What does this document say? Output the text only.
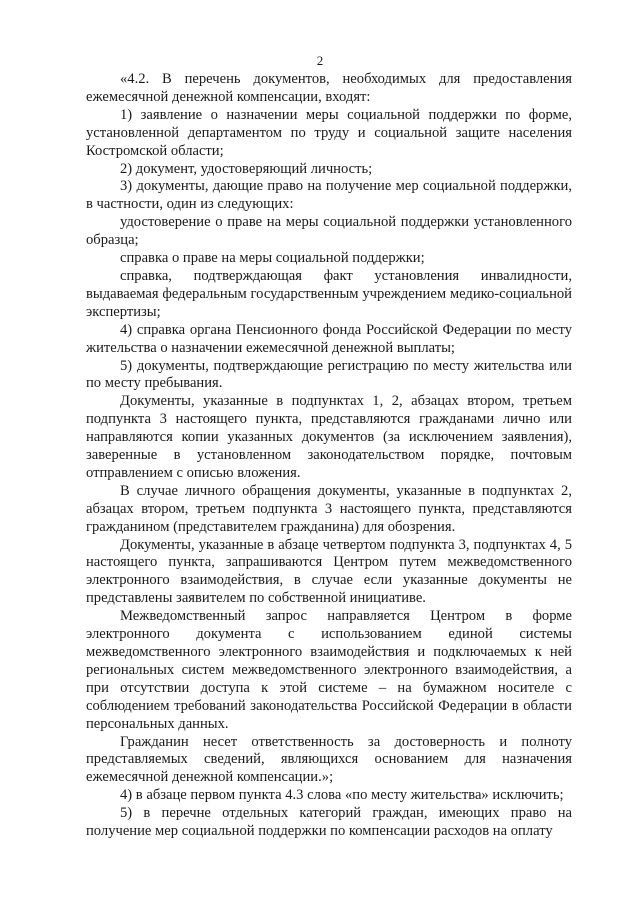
2

«4.2. В перечень документов, необходимых для предоставления ежемесячной денежной компенсации, входят:

1) заявление о назначении меры социальной поддержки по форме, установленной департаментом по труду и социальной защите населения Костромской области;

2) документ, удостоверяющий личность;

3) документы, дающие право на получение мер социальной поддержки, в частности, один из следующих:

удостоверение о праве на меры социальной поддержки установленного образца;

справка о праве на меры социальной поддержки;

справка, подтверждающая факт установления инвалидности, выдаваемая федеральным государственным учреждением медико-социальной экспертизы;

4) справка органа Пенсионного фонда Российской Федерации по месту жительства о назначении ежемесячной денежной выплаты;

5) документы, подтверждающие регистрацию по месту жительства или по месту пребывания.

Документы, указанные в подпунктах 1, 2, абзацах втором, третьем подпункта 3 настоящего пункта, представляются гражданами лично или направляются копии указанных документов (за исключением заявления), заверенные в установленном законодательством порядке, почтовым отправлением с описью вложения.

В случае личного обращения документы, указанные в подпунктах 2, абзацах втором, третьем подпункта 3 настоящего пункта, представляются гражданином (представителем гражданина) для обозрения.

Документы, указанные в абзаце четвертом подпункта 3, подпунктах 4, 5 настоящего пункта, запрашиваются Центром путем межведомственного электронного взаимодействия, в случае если указанные документы не представлены заявителем по собственной инициативе.

Межведомственный запрос направляется Центром в форме электронного документа с использованием единой системы межведомственного электронного взаимодействия и подключаемых к ней региональных систем межведомственного электронного взаимодействия, а при отсутствии доступа к этой системе – на бумажном носителе с соблюдением требований законодательства Российской Федерации в области персональных данных.

Гражданин несет ответственность за достоверность и полноту представляемых сведений, являющихся основанием для назначения ежемесячной денежной компенсации.»;

4) в абзаце первом пункта 4.3 слова «по месту жительства» исключить;

5) в перечне отдельных категорий граждан, имеющих право на получение мер социальной поддержки по компенсации расходов на оплату
